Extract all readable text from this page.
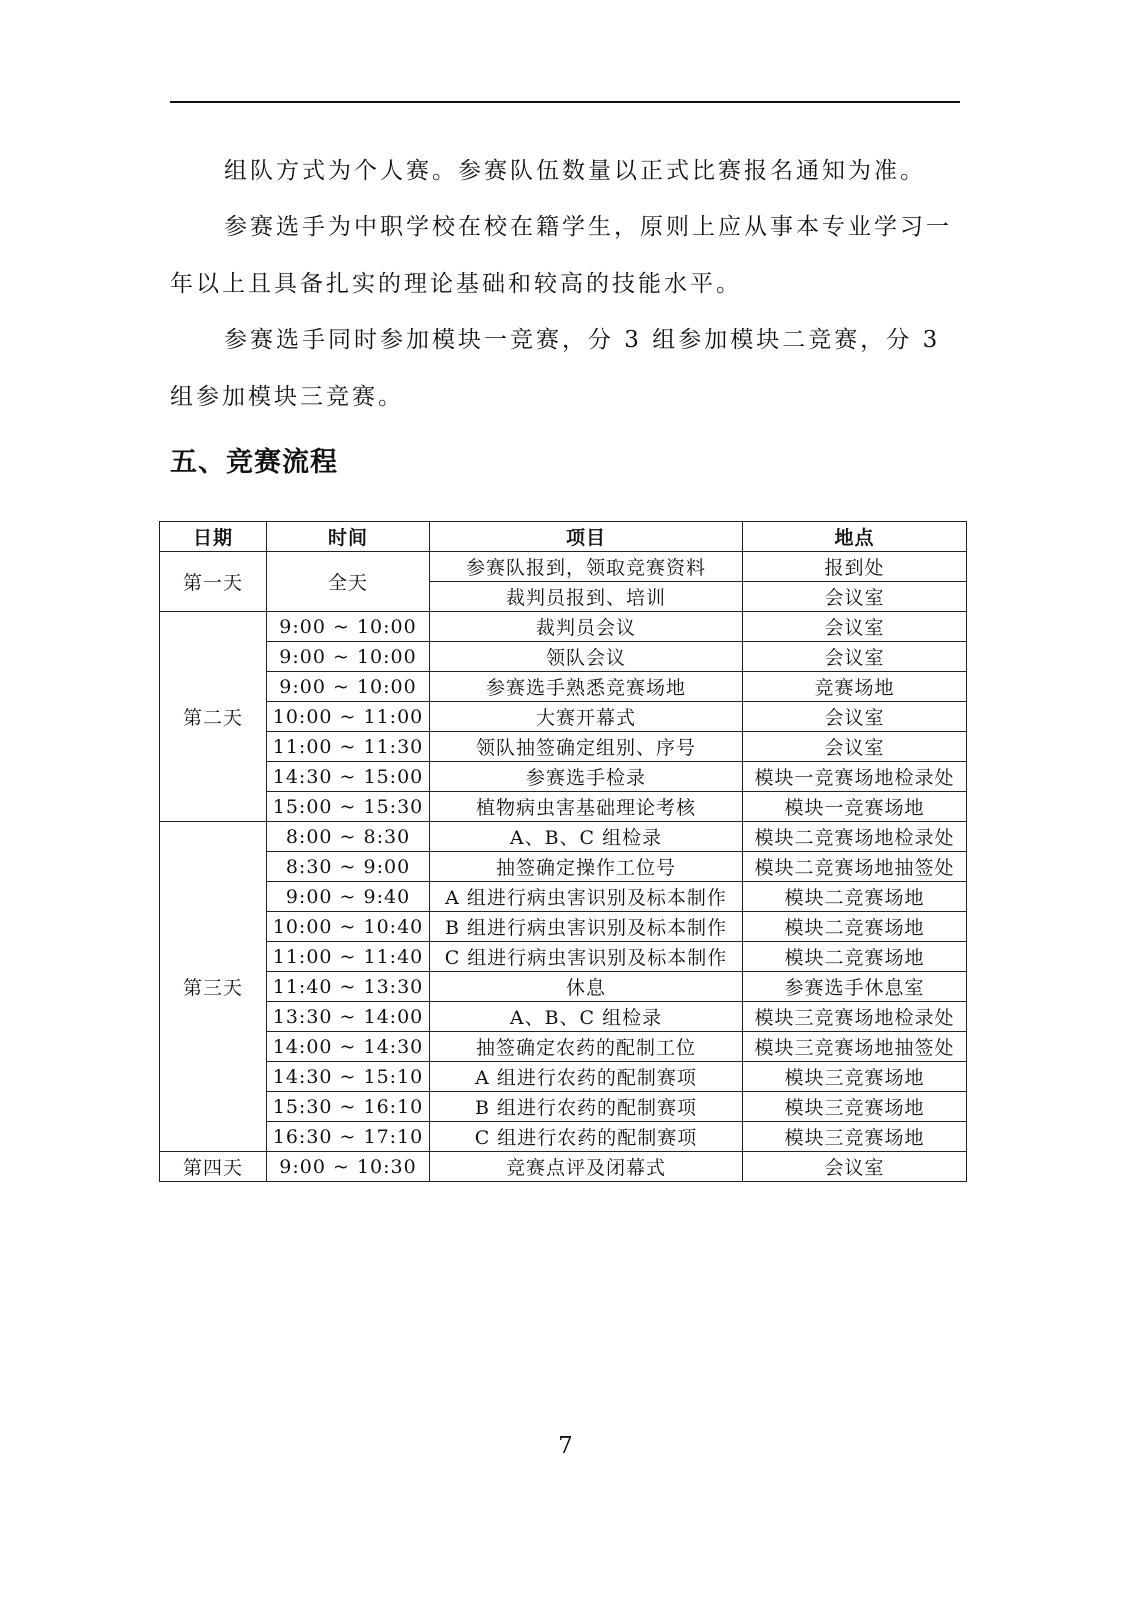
组队方式为个人赛。参赛队伍数量以正式比赛报名通知为准。

参赛选手为中职学校在校在籍学生，原则上应从事本专业学习一年以上且具备扎实的理论基础和较高的技能水平。

参赛选手同时参加模块一竞赛，分 3 组参加模块二竞赛，分 3 组参加模块三竞赛。

五、竞赛流程
日期	时间	项目	地点
第一天	全天	参赛队报到，领取竞赛资料	报到处
		裁判员报到、培训	会议室
第二天	9:00 ~ 10:00	裁判员会议	会议室
	9:00 ~ 10:00	领队会议	会议室
	9:00 ~ 10:00	参赛选手熟悉竞赛场地	竞赛场地
	10:00 ~ 11:00	大赛开幕式	会议室
	11:00 ~ 11:30	领队抽签确定组别、序号	会议室
	14:30 ~ 15:00	参赛选手检录	模块一竞赛场地检录处
	15:00 ~ 15:30	植物病虫害基础理论考核	模块一竞赛场地
第三天	8:00 ~ 8:30	A、B、C 组检录	模块二竞赛场地检录处
	8:30 ~ 9:00	抽签确定操作工位号	模块二竞赛场地抽签处
	9:00 ~ 9:40	A 组进行病虫害识别及标本制作	模块二竞赛场地
	10:00 ~ 10:40	B 组进行病虫害识别及标本制作	模块二竞赛场地
	11:00 ~ 11:40	C 组进行病虫害识别及标本制作	模块二竞赛场地
	11:40 ~ 13:30	休息	参赛选手休息室
	13:30 ~ 14:00	A、B、C 组检录	模块三竞赛场地检录处
	14:00 ~ 14:30	抽签确定农药的配制工位	模块三竞赛场地抽签处
	14:30 ~ 15:10	A 组进行农药的配制赛项	模块三竞赛场地
	15:30 ~ 16:10	B 组进行农药的配制赛项	模块三竞赛场地
	16:30 ~ 17:10	C 组进行农药的配制赛项	模块三竞赛场地
第四天	9:00 ~ 10:30	竞赛点评及闭幕式	会议室
7
